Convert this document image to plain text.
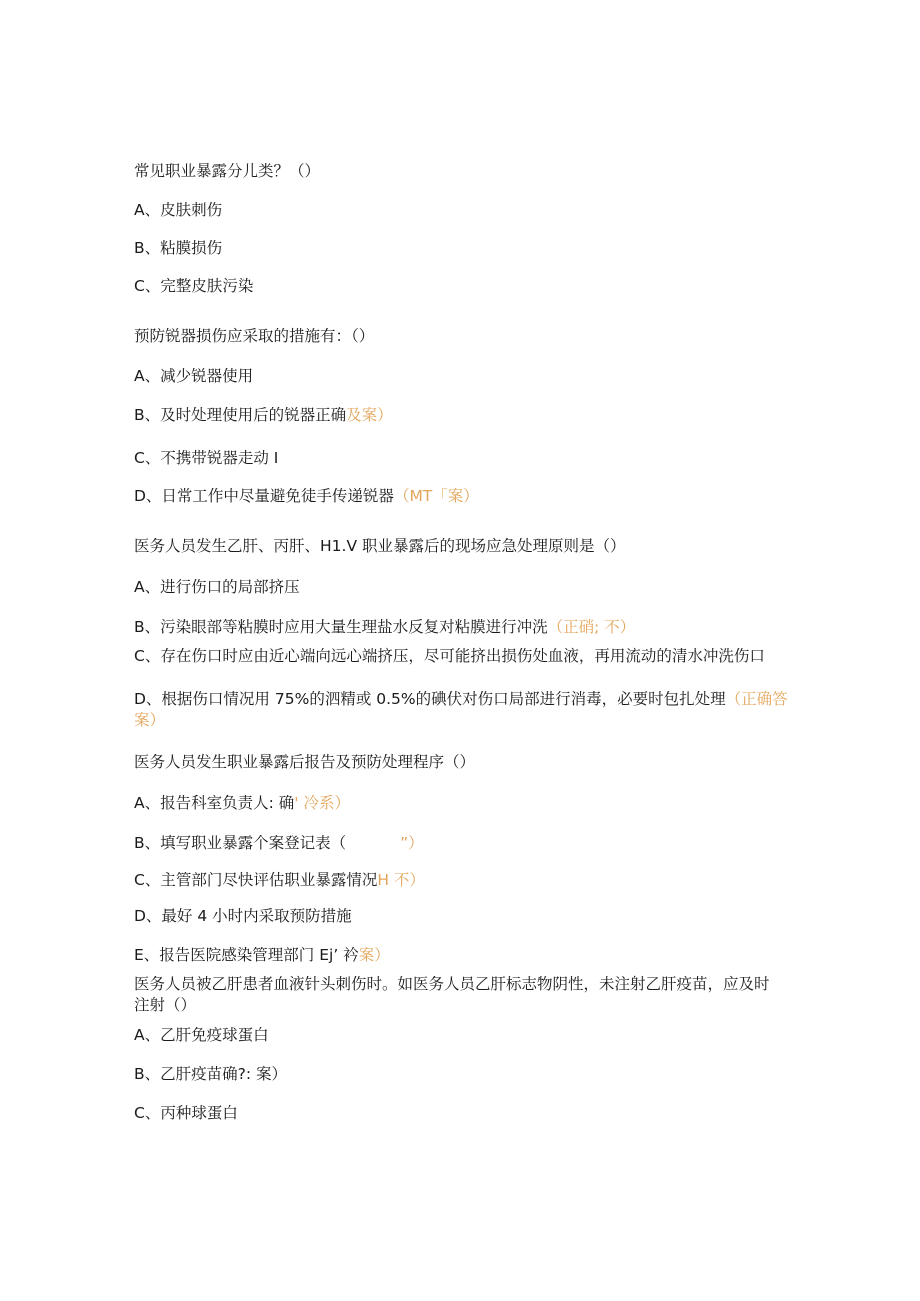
常见职业暴露分儿类？（）
A、皮肤刺伤
B、粘膜损伤
C、完整皮肤污染
预防锐器损伤应采取的措施有：（）
A、减少锐器使用
B、及时处理使用后的锐器正确及案）
C、不携带锐器走动 I
D、日常工作中尽量避免徒手传递锐器（MT「案）
医务人员发生乙肝、丙肝、H1.V 职业暴露后的现场应急处理原则是（）
A、进行伤口的局部挤压
B、污染眼部等粘膜时应用大量生理盐水反复对粘膜进行冲洗（正硝; 不）
C、存在伤口时应由近心端向远心端挤压，尽可能挤出损伤处血液，再用流动的清水冲洗伤口
D、根据伤口情况用 75%的泗精或 0.5%的碘伏对伤口局部进行消毒，必要时包扎处理（正确答案）
医务人员发生职业暴露后报告及预防处理程序（）
A、报告科室负责人: 确' 冷系）
B、填写职业暴露个案登记表（	”）
C、主管部门尽快评估职业暴露情况H 不）
D、最好 4 小时内采取预防措施
E、报告医院感染管理部门 Ej’ 衿案）
医务人员被乙肝患者血液针头刺伤时。如医务人员乙肝标志物阴性，未注射乙肝疫苗，应及时注射（）
A、乙肝免疫球蛋白
B、乙肝疫苗确?: 案）
C、丙种球蛋白
